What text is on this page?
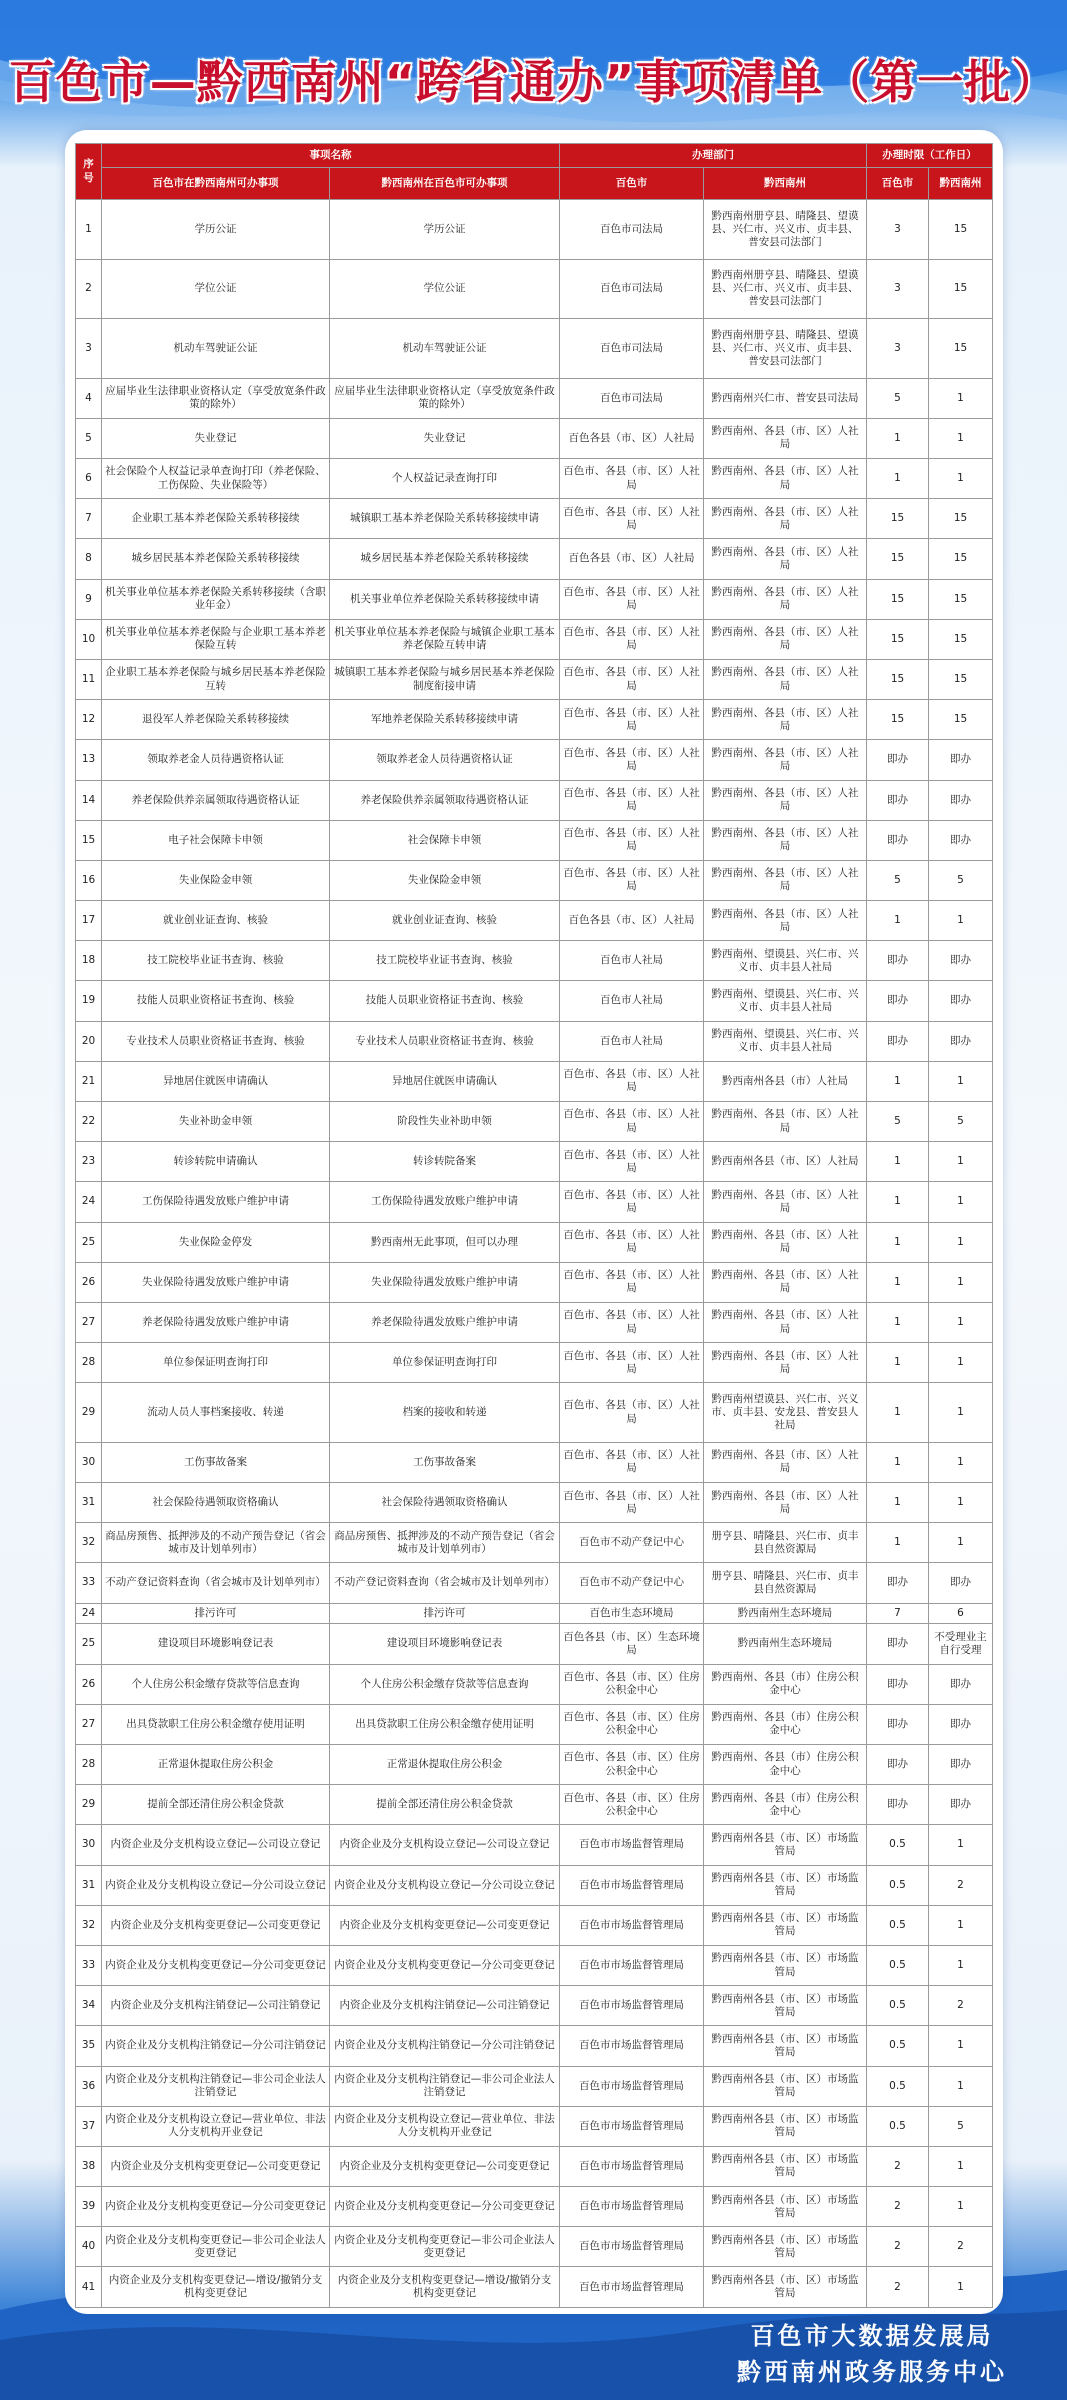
百色市—黔西南州“跨省通办”事项清单（第一批）
序号	事项名称		办理部门		办理时限（工作日）	
	百色市在黔西南州可办事项	黔西南州在百色市可办事项	百色市	黔西南州	百色市	黔西南州
1	学历公证	学历公证	百色市司法局	黔西南州册亨县、晴隆县、望谟县、兴仁市、兴义市、贞丰县、普安县司法部门	3	15
2	学位公证	学位公证	百色市司法局	黔西南州册亨县、晴隆县、望谟县、兴仁市、兴义市、贞丰县、普安县司法部门	3	15
3	机动车驾驶证公证	机动车驾驶证公证	百色市司法局	黔西南州册亨县、晴隆县、望谟县、兴仁市、兴义市、贞丰县、普安县司法部门	3	15
4	应届毕业生法律职业资格认定（享受放宽条件政策的除外）	应届毕业生法律职业资格认定（享受放宽条件政策的除外）	百色市司法局	黔西南州兴仁市、普安县司法局	5	1
5	失业登记	失业登记	百色各县（市、区）人社局	黔西南州、各县（市、区）人社局	1	1
6	社会保险个人权益记录单查询打印（养老保险、工伤保险、失业保险等）	个人权益记录查询打印	百色市、各县（市、区）人社局	黔西南州、各县（市、区）人社局	1	1
7	企业职工基本养老保险关系转移接续	城镇职工基本养老保险关系转移接续申请	百色市、各县（市、区）人社局	黔西南州、各县（市、区）人社局	15	15
8	城乡居民基本养老保险关系转移接续	城乡居民基本养老保险关系转移接续	百色各县（市、区）人社局	黔西南州、各县（市、区）人社局	15	15
9	机关事业单位基本养老保险关系转移接续（含职业年金）	机关事业单位养老保险关系转移接续申请	百色市、各县（市、区）人社局	黔西南州、各县（市、区）人社局	15	15
10	机关事业单位基本养老保险与企业职工基本养老保险互转	机关事业单位基本养老保险与城镇企业职工基本养老保险互转申请	百色市、各县（市、区）人社局	黔西南州、各县（市、区）人社局	15	15
11	企业职工基本养老保险与城乡居民基本养老保险互转	城镇职工基本养老保险与城乡居民基本养老保险制度衔接申请	百色市、各县（市、区）人社局	黔西南州、各县（市、区）人社局	15	15
12	退役军人养老保险关系转移接续	军地养老保险关系转移接续申请	百色市、各县（市、区）人社局	黔西南州、各县（市、区）人社局	15	15
13	领取养老金人员待遇资格认证	领取养老金人员待遇资格认证	百色市、各县（市、区）人社局	黔西南州、各县（市、区）人社局	即办	即办
14	养老保险供养亲属领取待遇资格认证	养老保险供养亲属领取待遇资格认证	百色市、各县（市、区）人社局	黔西南州、各县（市、区）人社局	即办	即办
15	电子社会保障卡申领	社会保障卡申领	百色市、各县（市、区）人社局	黔西南州、各县（市、区）人社局	即办	即办
16	失业保险金申领	失业保险金申领	百色市、各县（市、区）人社局	黔西南州、各县（市、区）人社局	5	5
17	就业创业证查询、核验	就业创业证查询、核验	百色各县（市、区）人社局	黔西南州、各县（市、区）人社局	1	1
18	技工院校毕业证书查询、核验	技工院校毕业证书查询、核验	百色市人社局	黔西南州、望谟县、兴仁市、兴义市、贞丰县人社局	即办	即办
19	技能人员职业资格证书查询、核验	技能人员职业资格证书查询、核验	百色市人社局	黔西南州、望谟县、兴仁市、兴义市、贞丰县人社局	即办	即办
20	专业技术人员职业资格证书查询、核验	专业技术人员职业资格证书查询、核验	百色市人社局	黔西南州、望谟县、兴仁市、兴义市、贞丰县人社局	即办	即办
21	异地居住就医申请确认	异地居住就医申请确认	百色市、各县（市、区）人社局	黔西南州各县（市）人社局	1	1
22	失业补助金申领	阶段性失业补助申领	百色市、各县（市、区）人社局	黔西南州、各县（市、区）人社局	5	5
23	转诊转院申请确认	转诊转院备案	百色市、各县（市、区）人社局	黔西南州各县（市、区）人社局	1	1
24	工伤保险待遇发放账户维护申请	工伤保险待遇发放账户维护申请	百色市、各县（市、区）人社局	黔西南州、各县（市、区）人社局	1	1
25	失业保险金停发	黔西南州无此事项，但可以办理	百色市、各县（市、区）人社局	黔西南州、各县（市、区）人社局	1	1
26	失业保险待遇发放账户维护申请	失业保险待遇发放账户维护申请	百色市、各县（市、区）人社局	黔西南州、各县（市、区）人社局	1	1
27	养老保险待遇发放账户维护申请	养老保险待遇发放账户维护申请	百色市、各县（市、区）人社局	黔西南州、各县（市、区）人社局	1	1
28	单位参保证明查询打印	单位参保证明查询打印	百色市、各县（市、区）人社局	黔西南州、各县（市、区）人社局	1	1
29	流动人员人事档案接收、转递	档案的接收和转递	百色市、各县（市、区）人社局	黔西南州望谟县、兴仁市、兴义市、贞丰县、安龙县、普安县人社局	1	1
30	工伤事故备案	工伤事故备案	百色市、各县（市、区）人社局	黔西南州、各县（市、区）人社局	1	1
31	社会保险待遇领取资格确认	社会保险待遇领取资格确认	百色市、各县（市、区）人社局	黔西南州、各县（市、区）人社局	1	1
32	商品房预售、抵押涉及的不动产预告登记（省会城市及计划单列市）	商品房预售、抵押涉及的不动产预告登记（省会城市及计划单列市）	百色市不动产登记中心	册亨县、晴隆县、兴仁市、贞丰县自然资源局	1	1
33	不动产登记资料查询（省会城市及计划单列市）	不动产登记资料查询（省会城市及计划单列市）	百色市不动产登记中心	册亨县、晴隆县、兴仁市、贞丰县自然资源局	即办	即办
24	排污许可	排污许可	百色市生态环境局	黔西南州生态环境局	7	6
25	建设项目环境影响登记表	建设项目环境影响登记表	百色各县（市、区）生态环境局	黔西南州生态环境局	即办	不受理业主自行受理
26	个人住房公积金缴存贷款等信息查询	个人住房公积金缴存贷款等信息查询	百色市、各县（市、区）住房公积金中心	黔西南州、各县（市）住房公积金中心	即办	即办
27	出具贷款职工住房公积金缴存使用证明	出具贷款职工住房公积金缴存使用证明	百色市、各县（市、区）住房公积金中心	黔西南州、各县（市）住房公积金中心	即办	即办
28	正常退休提取住房公积金	正常退休提取住房公积金	百色市、各县（市、区）住房公积金中心	黔西南州、各县（市）住房公积金中心	即办	即办
29	提前全部还清住房公积金贷款	提前全部还清住房公积金贷款	百色市、各县（市、区）住房公积金中心	黔西南州、各县（市）住房公积金中心	即办	即办
30	内资企业及分支机构设立登记—公司设立登记	内资企业及分支机构设立登记—公司设立登记	百色市市场监督管理局	黔西南州各县（市、区）市场监管局	0.5	1
31	内资企业及分支机构设立登记—分公司设立登记	内资企业及分支机构设立登记—分公司设立登记	百色市市场监督管理局	黔西南州各县（市、区）市场监管局	0.5	2
32	内资企业及分支机构变更登记—公司变更登记	内资企业及分支机构变更登记—公司变更登记	百色市市场监督管理局	黔西南州各县（市、区）市场监管局	0.5	1
33	内资企业及分支机构变更登记—分公司变更登记	内资企业及分支机构变更登记—分公司变更登记	百色市市场监督管理局	黔西南州各县（市、区）市场监管局	0.5	1
34	内资企业及分支机构注销登记—公司注销登记	内资企业及分支机构注销登记—公司注销登记	百色市市场监督管理局	黔西南州各县（市、区）市场监管局	0.5	2
35	内资企业及分支机构注销登记—分公司注销登记	内资企业及分支机构注销登记—分公司注销登记	百色市市场监督管理局	黔西南州各县（市、区）市场监管局	0.5	1
36	内资企业及分支机构注销登记—非公司企业法人注销登记	内资企业及分支机构注销登记—非公司企业法人注销登记	百色市市场监督管理局	黔西南州各县（市、区）市场监管局	0.5	1
37	内资企业及分支机构设立登记—营业单位、非法人分支机构开业登记	内资企业及分支机构设立登记—营业单位、非法人分支机构开业登记	百色市市场监督管理局	黔西南州各县（市、区）市场监管局	0.5	5
38	内资企业及分支机构变更登记—公司变更登记	内资企业及分支机构变更登记—公司变更登记	百色市市场监督管理局	黔西南州各县（市、区）市场监管局	2	1
39	内资企业及分支机构变更登记—分公司变更登记	内资企业及分支机构变更登记—分公司变更登记	百色市市场监督管理局	黔西南州各县（市、区）市场监管局	2	1
40	内资企业及分支机构变更登记—非公司企业法人变更登记	内资企业及分支机构变更登记—非公司企业法人变更登记	百色市市场监督管理局	黔西南州各县（市、区）市场监管局	2	2
41	内资企业及分支机构变更登记—增设/撤销分支机构变更登记	内资企业及分支机构变更登记—增设/撤销分支机构变更登记	百色市市场监督管理局	黔西南州各县（市、区）市场监管局	2	1
百色市大数据发展局
黔西南州政务服务中心
